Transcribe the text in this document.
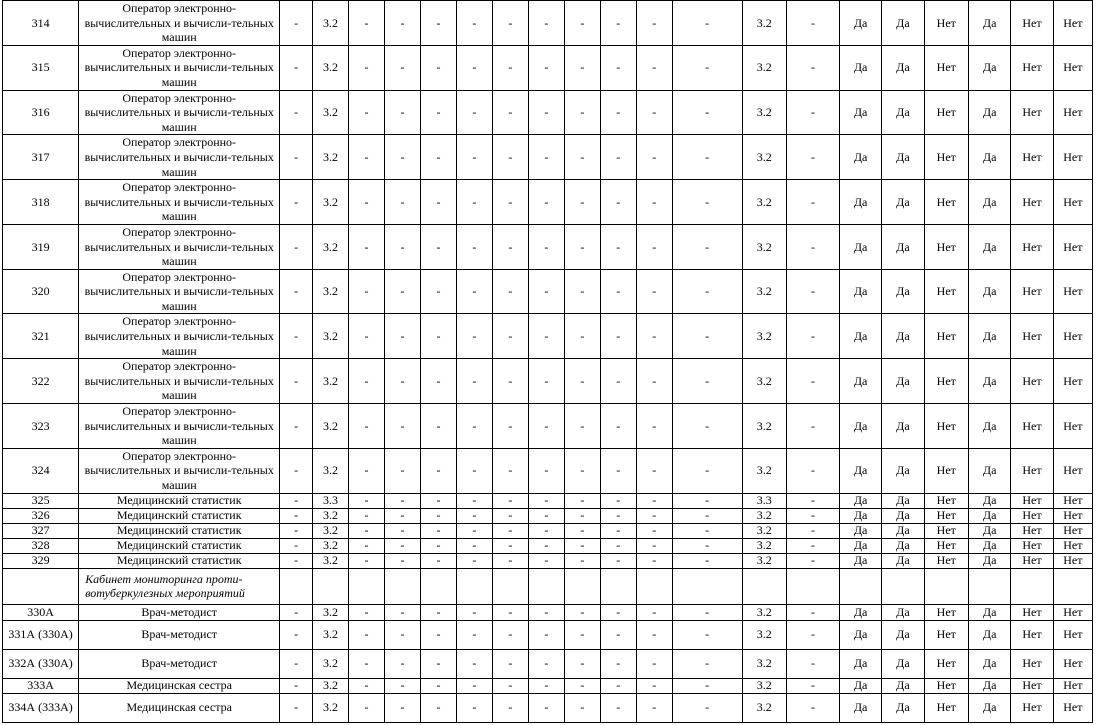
314	Оператор электронно-вычислительных и вычисли-тельных машин	-	3.2	-	-	-	-	-	-	-	-	-	-	3.2	-	Да	Да	Нет	Да	Нет	Нет
315	Оператор электронно-вычислительных и вычисли-тельных машин	-	3.2	-	-	-	-	-	-	-	-	-	-	3.2	-	Да	Да	Нет	Да	Нет	Нет
316	Оператор электронно-вычислительных и вычисли-тельных машин	-	3.2	-	-	-	-	-	-	-	-	-	-	3.2	-	Да	Да	Нет	Да	Нет	Нет
317	Оператор электронно-вычислительных и вычисли-тельных машин	-	3.2	-	-	-	-	-	-	-	-	-	-	3.2	-	Да	Да	Нет	Да	Нет	Нет
318	Оператор электронно-вычислительных и вычисли-тельных машин	-	3.2	-	-	-	-	-	-	-	-	-	-	3.2	-	Да	Да	Нет	Да	Нет	Нет
319	Оператор электронно-вычислительных и вычисли-тельных машин	-	3.2	-	-	-	-	-	-	-	-	-	-	3.2	-	Да	Да	Нет	Да	Нет	Нет
320	Оператор электронно-вычислительных и вычисли-тельных машин	-	3.2	-	-	-	-	-	-	-	-	-	-	3.2	-	Да	Да	Нет	Да	Нет	Нет
321	Оператор электронно-вычислительных и вычисли-тельных машин	-	3.2	-	-	-	-	-	-	-	-	-	-	3.2	-	Да	Да	Нет	Да	Нет	Нет
322	Оператор электронно-вычислительных и вычисли-тельных машин	-	3.2	-	-	-	-	-	-	-	-	-	-	3.2	-	Да	Да	Нет	Да	Нет	Нет
323	Оператор электронно-вычислительных и вычисли-тельных машин	-	3.2	-	-	-	-	-	-	-	-	-	-	3.2	-	Да	Да	Нет	Да	Нет	Нет
324	Оператор электронно-вычислительных и вычисли-тельных машин	-	3.2	-	-	-	-	-	-	-	-	-	-	3.2	-	Да	Да	Нет	Да	Нет	Нет
325	Медицинский статистик	-	3.3	-	-	-	-	-	-	-	-	-	-	3.3	-	Да	Да	Нет	Да	Нет	Нет
326	Медицинский статистик	-	3.2	-	-	-	-	-	-	-	-	-	-	3.2	-	Да	Да	Нет	Да	Нет	Нет
327	Медицинский статистик	-	3.2	-	-	-	-	-	-	-	-	-	-	3.2	-	Да	Да	Нет	Да	Нет	Нет
328	Медицинский статистик	-	3.2	-	-	-	-	-	-	-	-	-	-	3.2	-	Да	Да	Нет	Да	Нет	Нет
329	Медицинский статистик	-	3.2	-	-	-	-	-	-	-	-	-	-	3.2	-	Да	Да	Нет	Да	Нет	Нет
	Кабинет мониторинга проти-вотуберкулезных мероприятий																				
330А	Врач-методист	-	3.2	-	-	-	-	-	-	-	-	-	-	3.2	-	Да	Да	Нет	Да	Нет	Нет
331А (330А)	Врач-методист	-	3.2	-	-	-	-	-	-	-	-	-	-	3.2	-	Да	Да	Нет	Да	Нет	Нет
332А (330А)	Врач-методист	-	3.2	-	-	-	-	-	-	-	-	-	-	3.2	-	Да	Да	Нет	Да	Нет	Нет
333А	Медицинская сестра	-	3.2	-	-	-	-	-	-	-	-	-	-	3.2	-	Да	Да	Нет	Да	Нет	Нет
334А (333А)	Медицинская сестра	-	3.2	-	-	-	-	-	-	-	-	-	-	3.2	-	Да	Да	Нет	Да	Нет	Нет
